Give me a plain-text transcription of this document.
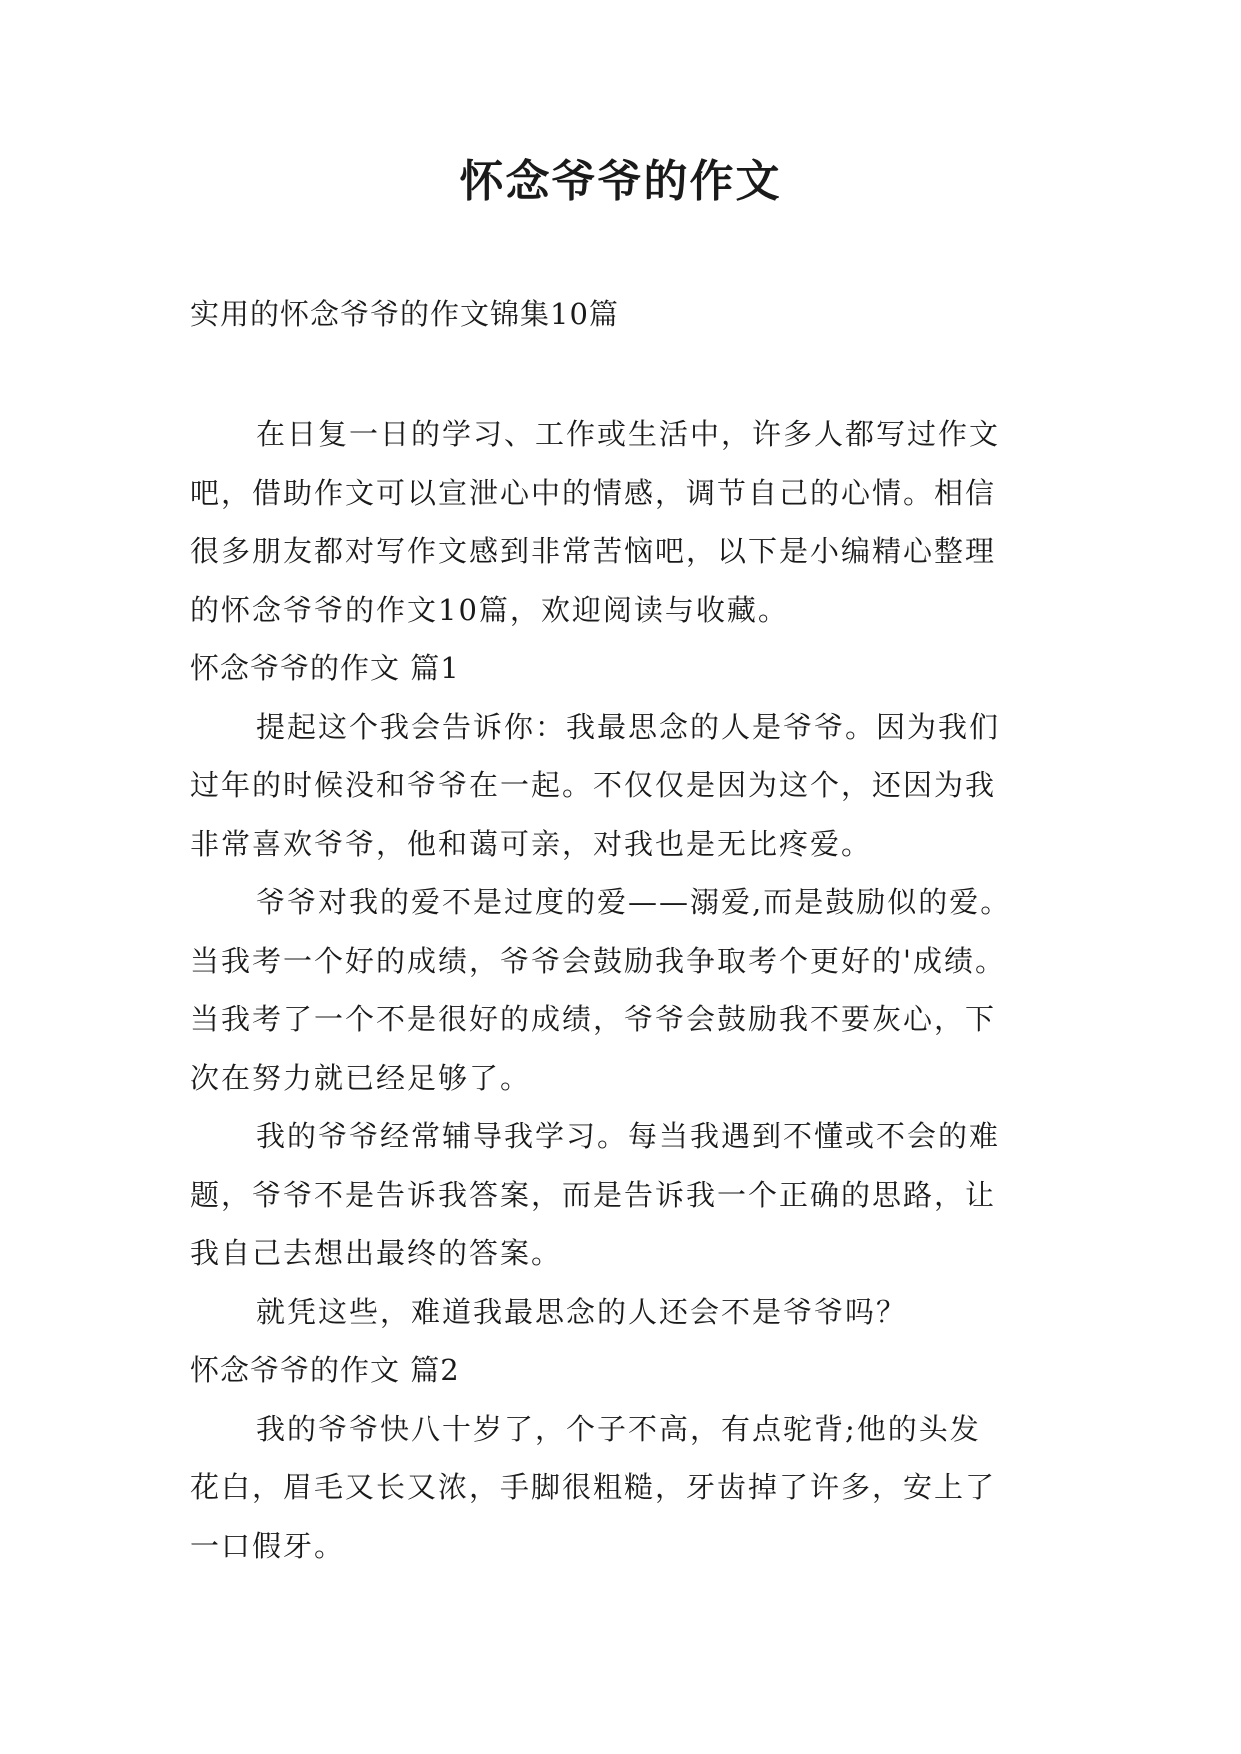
怀念爷爷的作文

实用的怀念爷爷的作文锦集10篇

在日复一日的学习、工作或生活中，许多人都写过作文
吧，借助作文可以宣泄心中的情感，调节自己的心情。相信
很多朋友都对写作文感到非常苦恼吧，以下是小编精心整理
的怀念爷爷的作文10篇，欢迎阅读与收藏。

怀念爷爷的作文 篇1

提起这个我会告诉你：我最思念的人是爷爷。因为我们
过年的时候没和爷爷在一起。不仅仅是因为这个，还因为我
非常喜欢爷爷，他和蔼可亲，对我也是无比疼爱。

爷爷对我的爱不是过度的爱——溺爱,而是鼓励似的爱。
当我考一个好的成绩，爷爷会鼓励我争取考个更好的'成绩。
当我考了一个不是很好的成绩，爷爷会鼓励我不要灰心，下
次在努力就已经足够了。

我的爷爷经常辅导我学习。每当我遇到不懂或不会的难
题，爷爷不是告诉我答案，而是告诉我一个正确的思路，让
我自己去想出最终的答案。

就凭这些，难道我最思念的人还会不是爷爷吗？

怀念爷爷的作文 篇2

我的爷爷快八十岁了，个子不高，有点驼背;他的头发
花白，眉毛又长又浓，手脚很粗糙，牙齿掉了许多，安上了
一口假牙。
